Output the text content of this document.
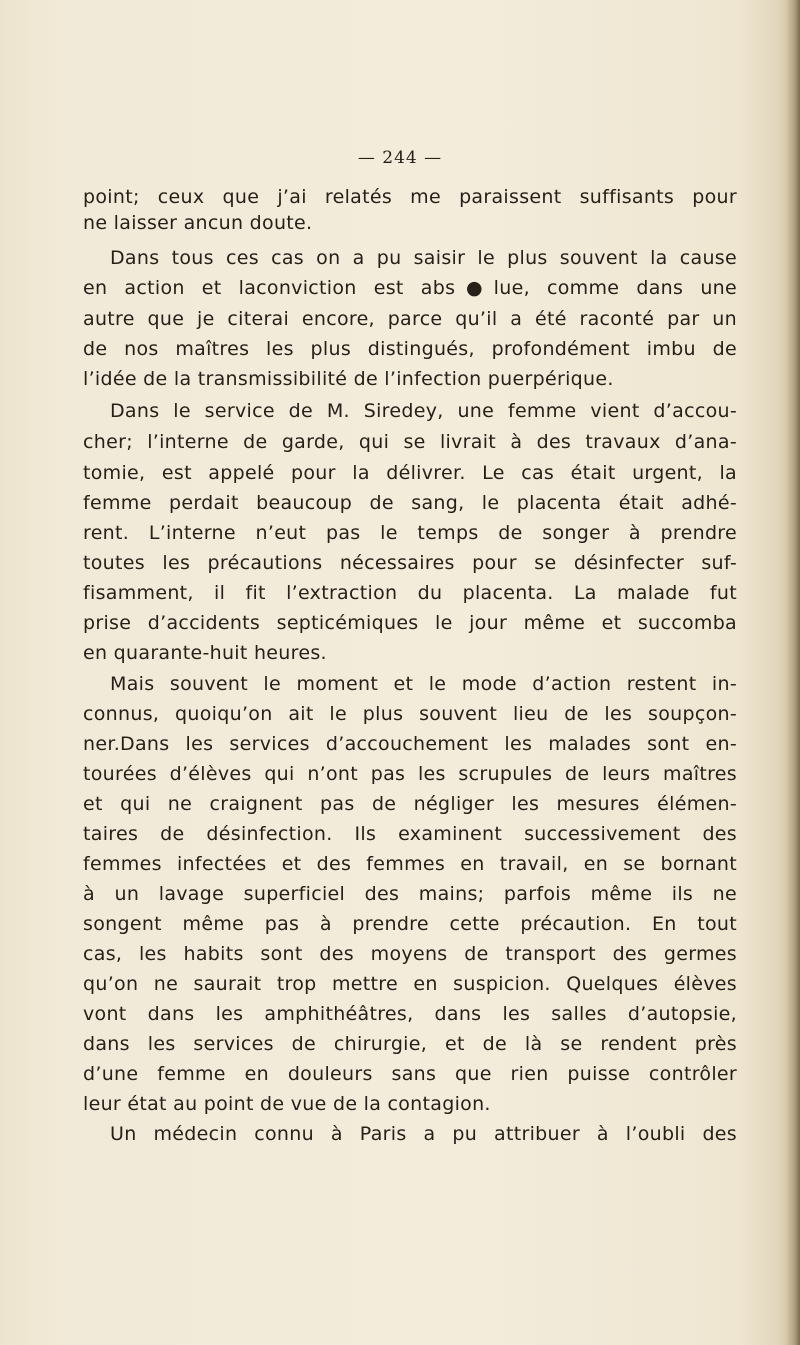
— 244 —
point; ceux que j’ai relatés me paraissent suffisants pour
ne laisser ancun doute.
Dans tous ces cas on a pu saisir le plus souvent la cause
en action et laconviction est abs●lue, comme dans une
autre que je citerai encore, parce qu’il a été raconté par un
de nos maîtres les plus distingués, profondément imbu de
l’idée de la transmissibilité de l’infection puerpérique.
Dans le service de M. Siredey, une femme vient d’accou-
cher; l’interne de garde, qui se livrait à des travaux d’ana-
tomie, est appelé pour la délivrer. Le cas était urgent, la
femme perdait beaucoup de sang, le placenta était adhé-
rent. L’interne n’eut pas le temps de songer à prendre
toutes les précautions nécessaires pour se désinfecter suf-
fisamment, il fit l’extraction du placenta. La malade fut
prise d’accidents septicémiques le jour même et succomba
en quarante-huit heures.
Mais souvent le moment et le mode d’action restent in-
connus, quoiqu’on ait le plus souvent lieu de les soupçon-
ner.Dans les services d’accouchement les malades sont en-
tourées d’élèves qui n’ont pas les scrupules de leurs maîtres
et qui ne craignent pas de négliger les mesures élémen-
taires de désinfection. Ils examinent successivement des
femmes infectées et des femmes en travail, en se bornant
à un lavage superficiel des mains; parfois même ils ne
songent même pas à prendre cette précaution. En tout
cas, les habits sont des moyens de transport des germes
qu’on ne saurait trop mettre en suspicion. Quelques élèves
vont dans les amphithéâtres, dans les salles d’autopsie,
dans les services de chirurgie, et de là se rendent près
d’une femme en douleurs sans que rien puisse contrôler
leur état au point de vue de la contagion.
Un médecin connu à Paris a pu attribuer à l’oubli des
